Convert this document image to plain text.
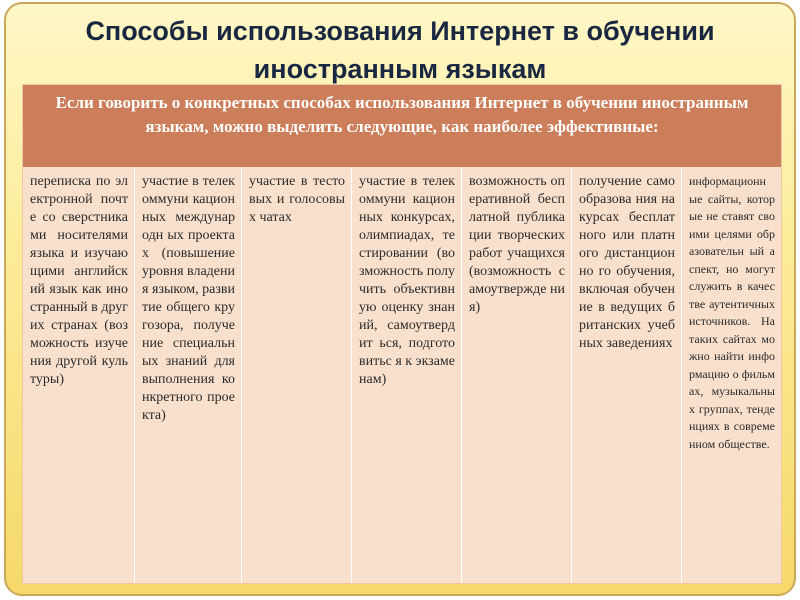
Способы использования Интернет в обучении иностранным языкам
Если говорить о конкретных способах использования Интернет в обучении иностранным языкам, можно выделить следующие, как наиболее эффективные:
переписка по электронной почте со сверстниками носителями языка и изучающими английский язык как иностранный в других странах (возможность изучения другой культуры)
участие в телекоммуни кационных международн ых проектах (повышение уровня владения языком, развитие общего кругозора, получение специальных знаний для выполнения конкретного проекта)
участие в тестовых и голосовых чатах
участие в телекоммуни кационных конкурсах, олимпиадах, тестировании (возможность получить объективную оценку знаний, самоутвердит ься, подготовитьс я к экзаменам)
возможность оперативной бесплатной публикации творческих работ учащихся (возможность самоутвержде ния)
получение самообразова ния на курсах бесплатного или платного дистанционно го обучения, включая обучение в ведущих британских учебных заведениях
информационн ые сайты, которые не ставят своими целями образовательн ый аспект, но могут служить в качестве аутентичных источников. На таких сайтах можно найти информацию о фильмах, музыкальных группах, тенденциях в современном обществе.
